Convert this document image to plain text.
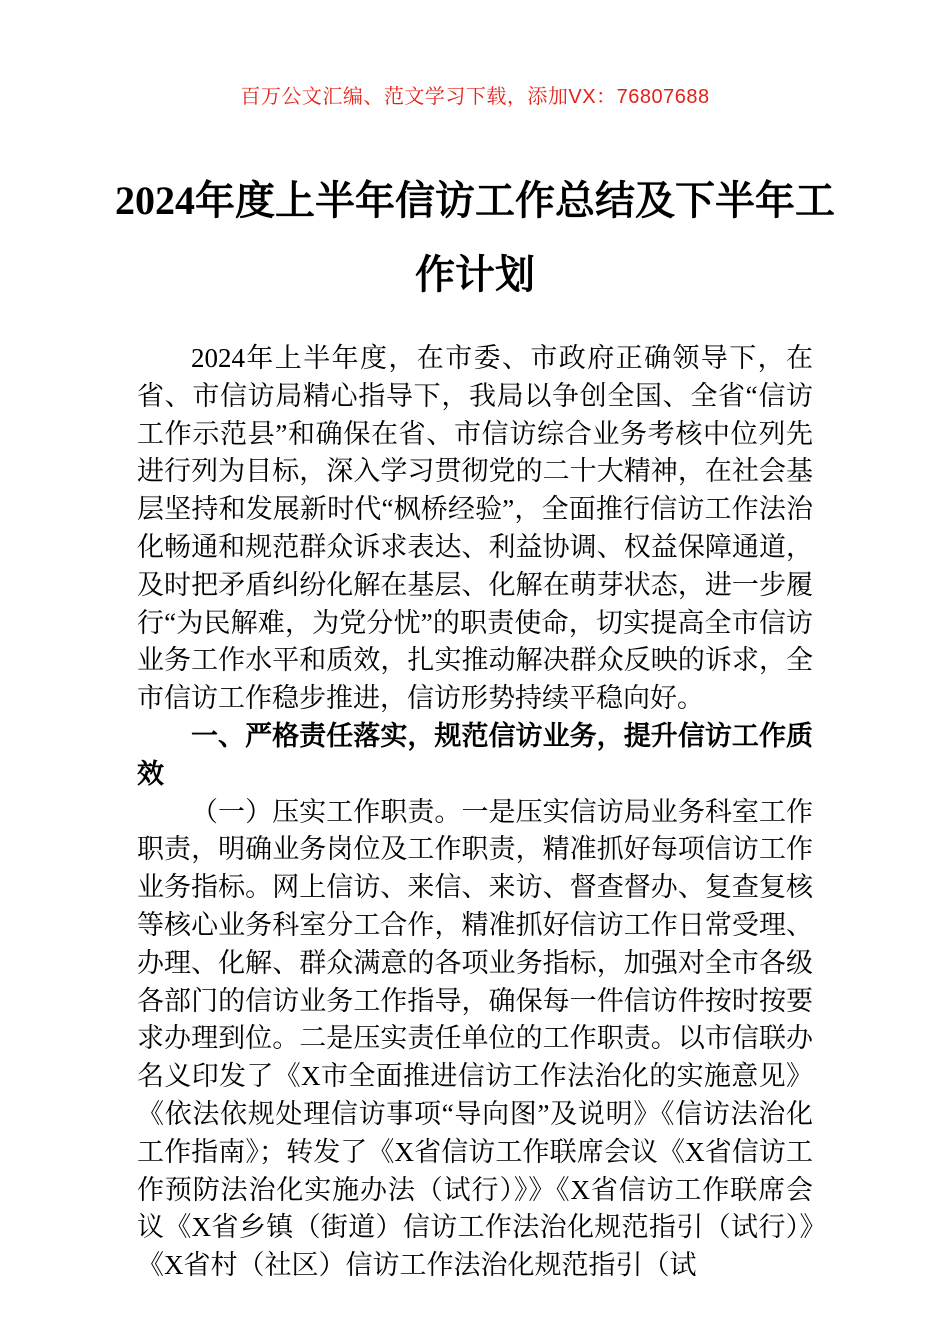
百万公文汇编、范文学习下载，添加VX：76807688
2024年度上半年信访工作总结及下半年工
作计划

2024年上半年度，在市委、市政府正确领导下，在省、市信访局精心指导下，我局以争创全国、全省“信访工作示范县”和确保在省、市信访综合业务考核中位列先进行列为目标，深入学习贯彻党的二十大精神，在社会基层坚持和发展新时代“枫桥经验”，全面推行信访工作法治化畅通和规范群众诉求表达、利益协调、权益保障通道，及时把矛盾纠纷化解在基层、化解在萌芽状态，进一步履行“为民解难，为党分忧”的职责使命，切实提高全市信访业务工作水平和质效，扎实推动解决群众反映的诉求，全市信访工作稳步推进，信访形势持续平稳向好。

一、严格责任落实，规范信访业务，提升信访工作质效

（一）压实工作职责。一是压实信访局业务科室工作职责，明确业务岗位及工作职责，精准抓好每项信访工作业务指标。网上信访、来信、来访、督查督办、复查复核等核心业务科室分工合作，精准抓好信访工作日常受理、办理、化解、群众满意的各项业务指标，加强对全市各级各部门的信访业务工作指导，确保每一件信访件按时按要求办理到位。二是压实责任单位的工作职责。以市信联办名义印发了《X市全面推进信访工作法治化的实施意见》《依法依规处理信访事项“导向图”及说明》《信访法治化工作指南》；转发了《X省信访工作联席会议《X省信访工作预防法治化实施办法（试行）》》《X省信访工作联席会议《X省乡镇（街道）信访工作法治化规范指引（试行）》《X省村（社区）信访工作法治化规范指引（试
